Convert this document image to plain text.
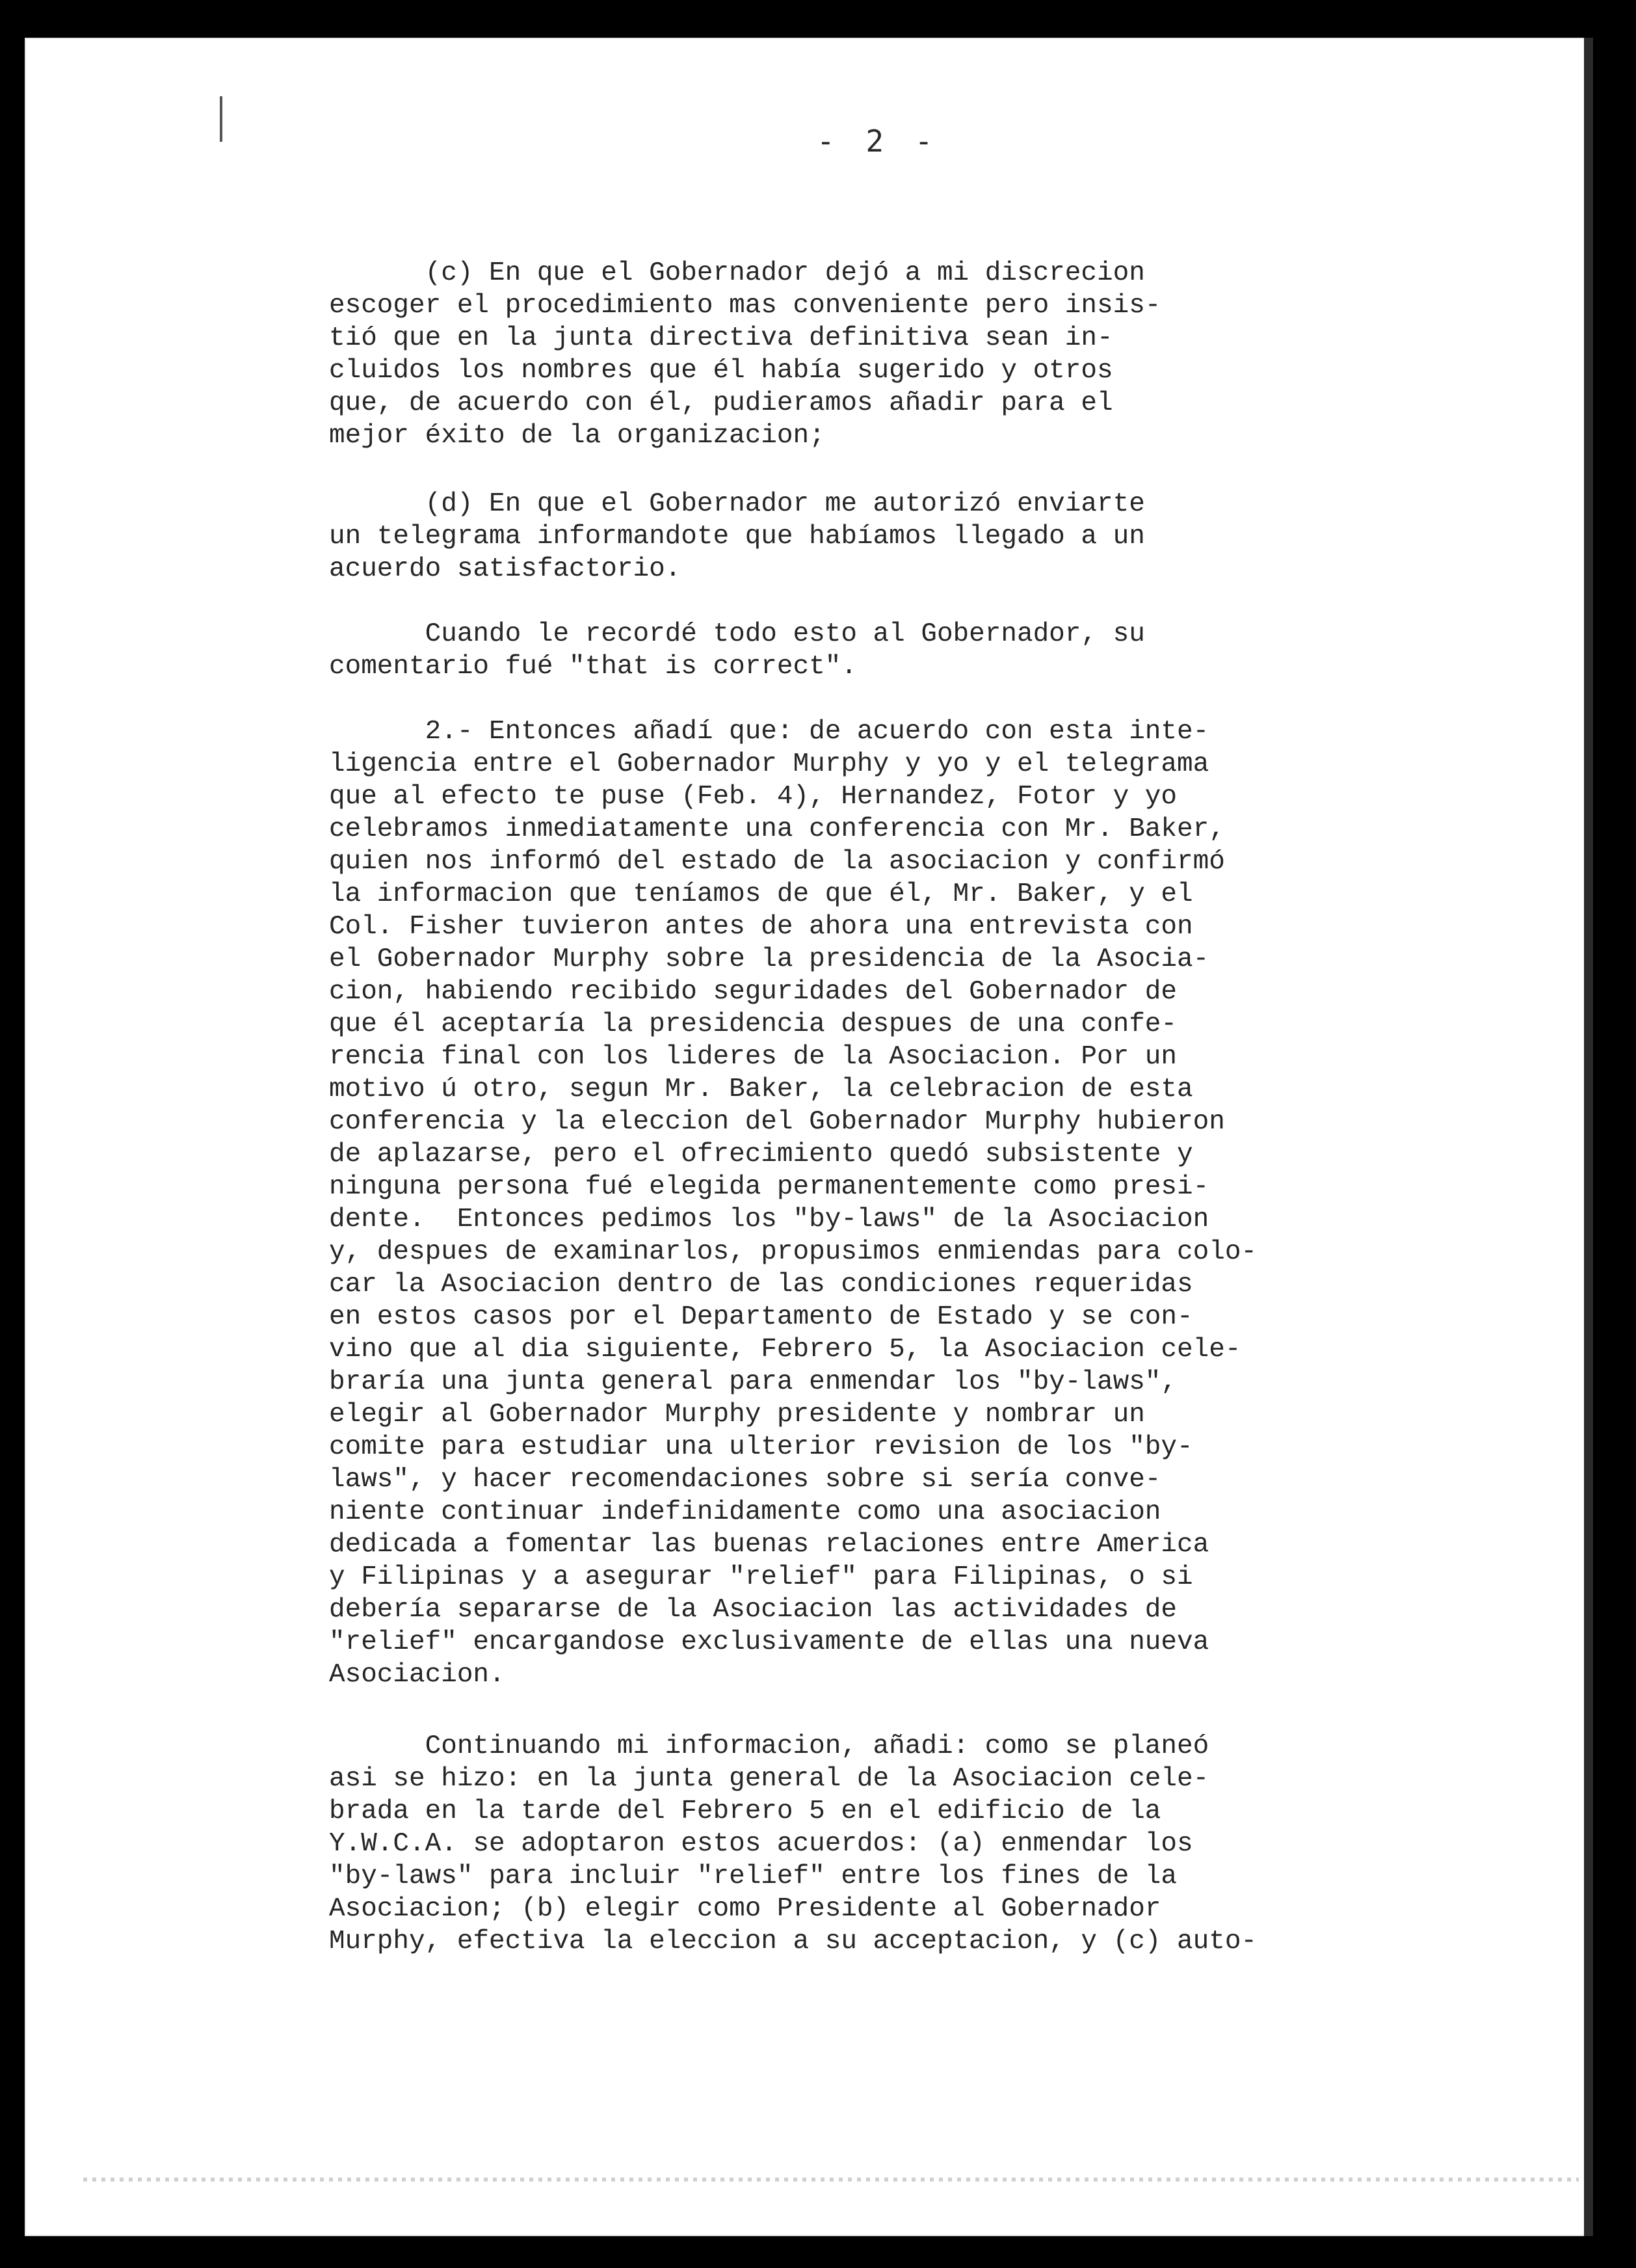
- 2 -
(c) En que el Gobernador dejó a mi discrecion
escoger el procedimiento mas conveniente pero insis-
tió que en la junta directiva definitiva sean in-
cluidos los nombres que él había sugerido y otros
que, de acuerdo con él, pudieramos añadir para el
mejor éxito de la organizacion;
(d) En que el Gobernador me autorizó enviarte
un telegrama informandote que habíamos llegado a un
acuerdo satisfactorio.
Cuando le recordé todo esto al Gobernador, su
comentario fué "that is correct".
2.- Entonces añadí que: de acuerdo con esta inte-
ligencia entre el Gobernador Murphy y yo y el telegrama
que al efecto te puse (Feb. 4), Hernandez, Fotor y yo
celebramos inmediatamente una conferencia con Mr. Baker,
quien nos informó del estado de la asociacion y confirmó
la informacion que teníamos de que él, Mr. Baker, y el
Col. Fisher tuvieron antes de ahora una entrevista con
el Gobernador Murphy sobre la presidencia de la Asocia-
cion, habiendo recibido seguridades del Gobernador de
que él aceptaría la presidencia despues de una confe-
rencia final con los lideres de la Asociacion. Por un
motivo ú otro, segun Mr. Baker, la celebracion de esta
conferencia y la eleccion del Gobernador Murphy hubieron
de aplazarse, pero el ofrecimiento quedó subsistente y
ninguna persona fué elegida permanentemente como presi-
dente.  Entonces pedimos los "by-laws" de la Asociacion
y, despues de examinarlos, propusimos enmiendas para colo-
car la Asociacion dentro de las condiciones requeridas
en estos casos por el Departamento de Estado y se con-
vino que al dia siguiente, Febrero 5, la Asociacion cele-
braría una junta general para enmendar los "by-laws",
elegir al Gobernador Murphy presidente y nombrar un
comite para estudiar una ulterior revision de los "by-
laws", y hacer recomendaciones sobre si sería conve-
niente continuar indefinidamente como una asociacion
dedicada a fomentar las buenas relaciones entre America
y Filipinas y a asegurar "relief" para Filipinas, o si
debería separarse de la Asociacion las actividades de
"relief" encargandose exclusivamente de ellas una nueva
Asociacion.
Continuando mi informacion, añadi: como se planeó
asi se hizo: en la junta general de la Asociacion cele-
brada en la tarde del Febrero 5 en el edificio de la
Y.W.C.A. se adoptaron estos acuerdos: (a) enmendar los
"by-laws" para incluir "relief" entre los fines de la
Asociacion; (b) elegir como Presidente al Gobernador
Murphy, efectiva la eleccion a su acceptacion, y (c) auto-
